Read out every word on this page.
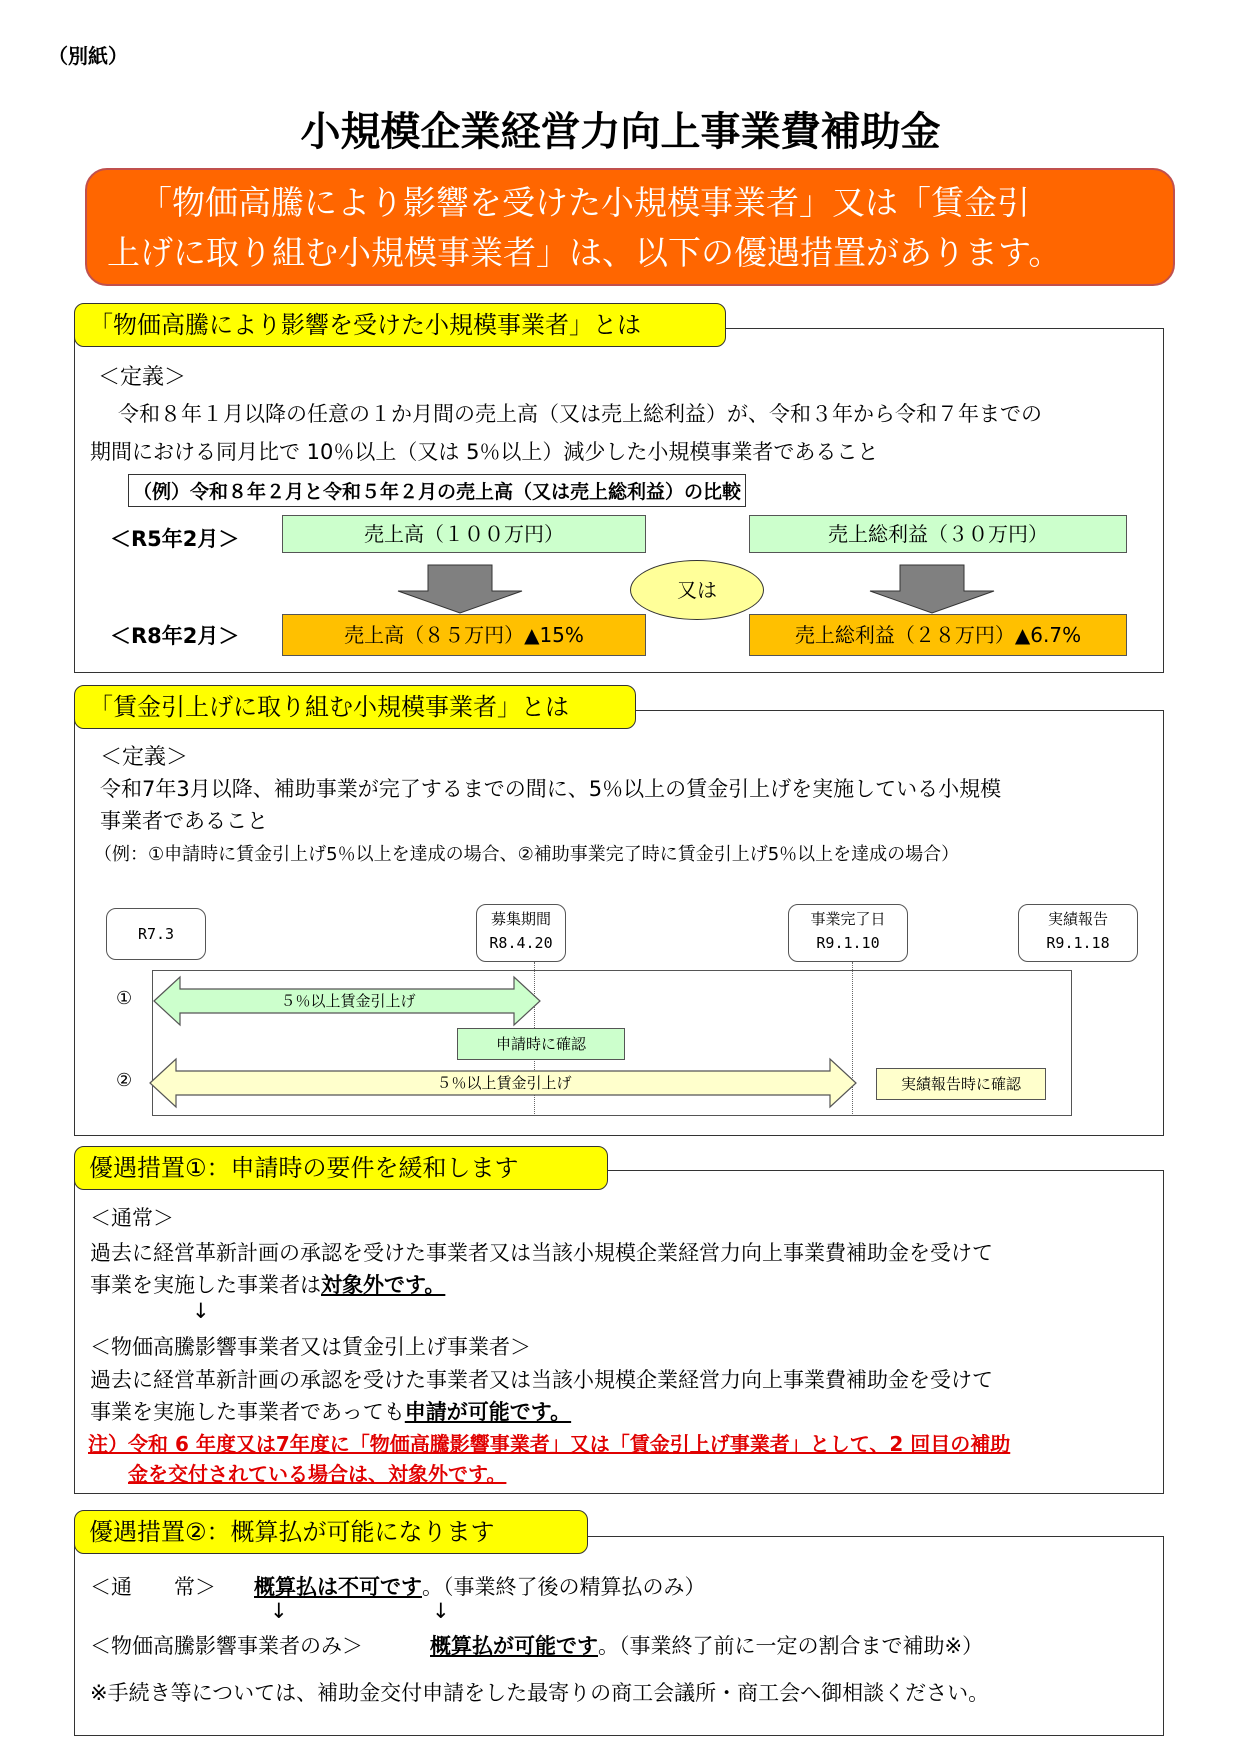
（別紙）
小規模企業経営力向上事業費補助金
「物価高騰により影響を受けた小規模事業者」又は「賃金引
上げに取り組む小規模事業者」は、以下の優遇措置があります。
「物価高騰により影響を受けた小規模事業者」とは
＜定義＞
令和８年１月以降の任意の１か月間の売上高（又は売上総利益）が、令和３年から令和７年までの
期間における同月比で 10％以上（又は 5％以上）減少した小規模事業者であること
（例）令和８年２月と令和５年２月の売上高（又は売上総利益）の比較
＜R5年2月＞
＜R8年2月＞
売上高（１００万円）	売上総利益（３０万円）
又は
売上高（８５万円）▲15%	売上総利益（２８万円）▲6.7%
「賃金引上げに取り組む小規模事業者」とは
＜定義＞
令和7年3月以降、補助事業が完了するまでの間に、5％以上の賃金引上げを実施している小規模
事業者であること
（例：①申請時に賃金引上げ5％以上を達成の場合、②補助事業完了時に賃金引上げ5％以上を達成の場合）
R7.3
募集期間
R8.4.20
事業完了日
R9.1.10
実績報告
R9.1.18
①
②
５％以上賃金引上げ
申請時に確認
５％以上賃金引上げ	実績報告時に確認
優遇措置①：申請時の要件を緩和します
＜通常＞
過去に経営革新計画の承認を受けた事業者又は当該小規模企業経営力向上事業費補助金を受けて
事業を実施した事業者は対象外です。
↓
＜物価高騰影響事業者又は賃金引上げ事業者＞
過去に経営革新計画の承認を受けた事業者又は当該小規模企業経営力向上事業費補助金を受けて
事業を実施した事業者であっても申請が可能です。
注）令和 6 年度又は7年度に「物価高騰影響事業者」又は「賃金引上げ事業者」として、2 回目の補助
金を交付されている場合は、対象外です。
優遇措置②：概算払が可能になります
＜通　　常＞ 概算払は不可です。（事業終了後の精算払のみ）
↓	↓
＜物価高騰影響事業者のみ＞	概算払が可能です。（事業終了前に一定の割合まで補助※）
※手続き等については、補助金交付申請をした最寄りの商工会議所・商工会へ御相談ください。
